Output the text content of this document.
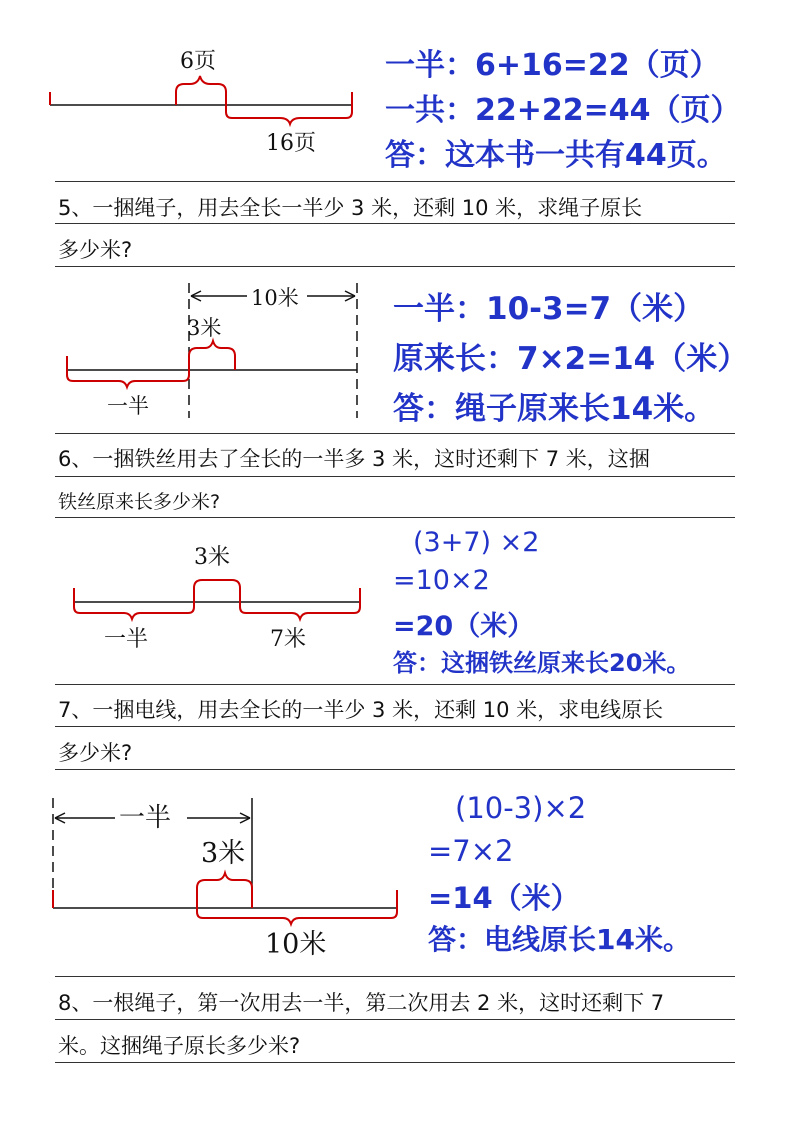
6页
16页
一半：6+16=22（页）
一共：22+22=44（页）
答：这本书一共有44页。
5、一捆绳子，用去全长一半少 3 米，还剩 10 米，求绳子原长
多少米?
10米
3米
一半
一半：10-3=7（米）
原来长：7×2=14（米）
答：绳子原来长14米。
6、一捆铁丝用去了全长的一半多 3 米，这时还剩下 7 米，这捆
铁丝原来长多少米?
3米
一半	7米
(3+7) ×2
=10×2
=20（米）
答：这捆铁丝原来长20米。
7、一捆电线，用去全长的一半少 3 米，还剩 10 米，求电线原长
多少米?
一半
3米
10米
(10-3)×2
=7×2
=14（米）
答：电线原长14米。
8、一根绳子，第一次用去一半，第二次用去 2 米，这时还剩下 7
米。这捆绳子原长多少米?
